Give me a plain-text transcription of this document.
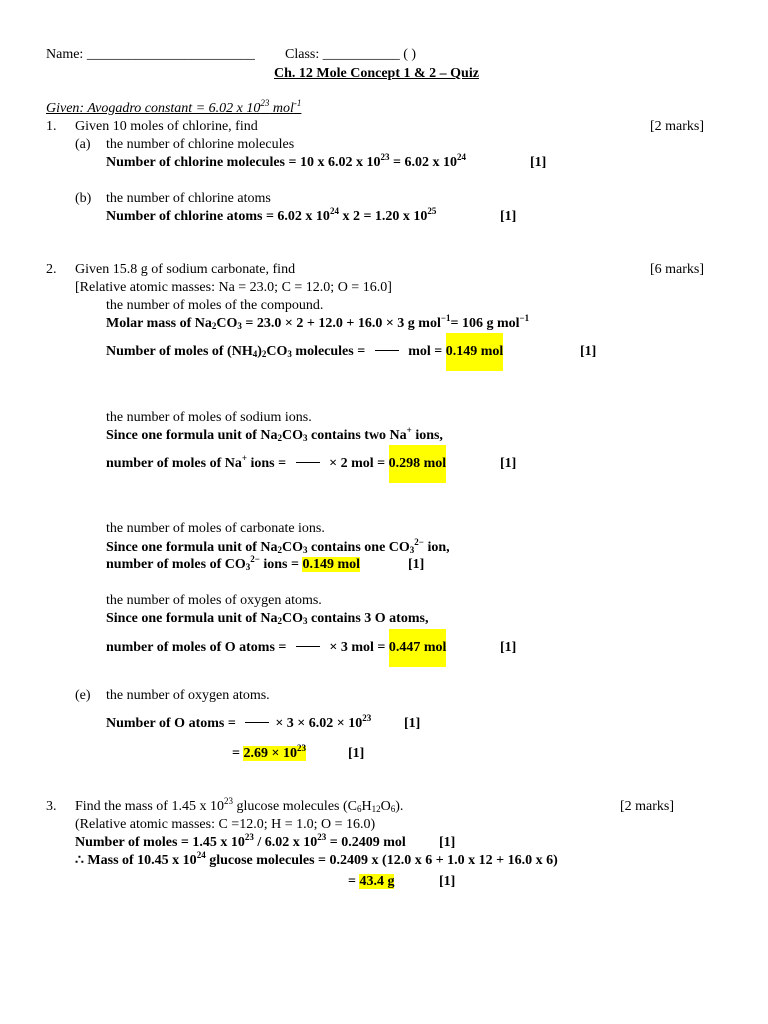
Name: ________________________ Class: ___________ ( )
Ch. 12 Mole Concept 1 & 2 – Quiz
Given: Avogadro constant = 6.02 x $10^{23}$ mol$^{-1}$
1. Given 10 moles of chlorine, find	[2 marks]
(a) the number of chlorine molecules
Number of chlorine molecules = 10 x 6.02 x $10^{23} = 6.02$ x $10^{24}$	[1]
(b) the number of chlorine atoms
Number of chlorine atoms = 6.02 x $10^{24}$ x 2 = 1.20 x $10^{25}$	[1]
2. Given 15.8 g of sodium carbonate, find	[6 marks]
[Relative atomic masses: Na = 23.0; C = 12.0; O = 16.0]
the number of moles of the compound.
Molar mass of $Na_2CO_3 = 23.0 \times 2 + 12.0 + 16.0 \times 3$ g mol$^{-1}$= 106 g mol$^{-1}$
Number of moles of $(NH_4)_2CO_3$ molecules =	mol = 0.149 mol	[1]
the number of moles of sodium ions.
Since one formula unit of $Na_2CO_3$ contains two Na+ ions,
number of moles of Na+ ions =	× 2 mol = 0.298 mol	[1]
the number of moles of carbonate ions.
Since one formula unit of $Na_2CO_3$ contains one $CO_3^{2-}$ ion,
number of moles of $CO_3^{2-}$ ions = 0.149 mol	[1]
the number of moles of oxygen atoms.
Since one formula unit of $Na_2CO_3$ contains 3 O atoms,
number of moles of O atoms =	× 3 mol = 0.447 mol	[1]
(e) the number of oxygen atoms.
Number of O atoms =	× $3 \times 6.02 \times 10^{23}$ [1]
= $2.69 \times 10^{23}$	[1]
3. Find the mass of 1.45 x $10^{23}$ glucose molecules $(C_6H_{12}O_6)$.	[2 marks]
(Relative atomic masses: C =12.0; H = 1.0; O = 16.0)
Number of moles = 1.45 x $10^{23} / 6.02$ x $10^{23} = 0.2409$ mol [1]
∴ Mass of 10.45 x $10^{24}$ glucose molecules = 0.2409 x (12.0 x 6 + 1.0 x 12 + 16.0 x 6)
= 43.4 g	[1]
